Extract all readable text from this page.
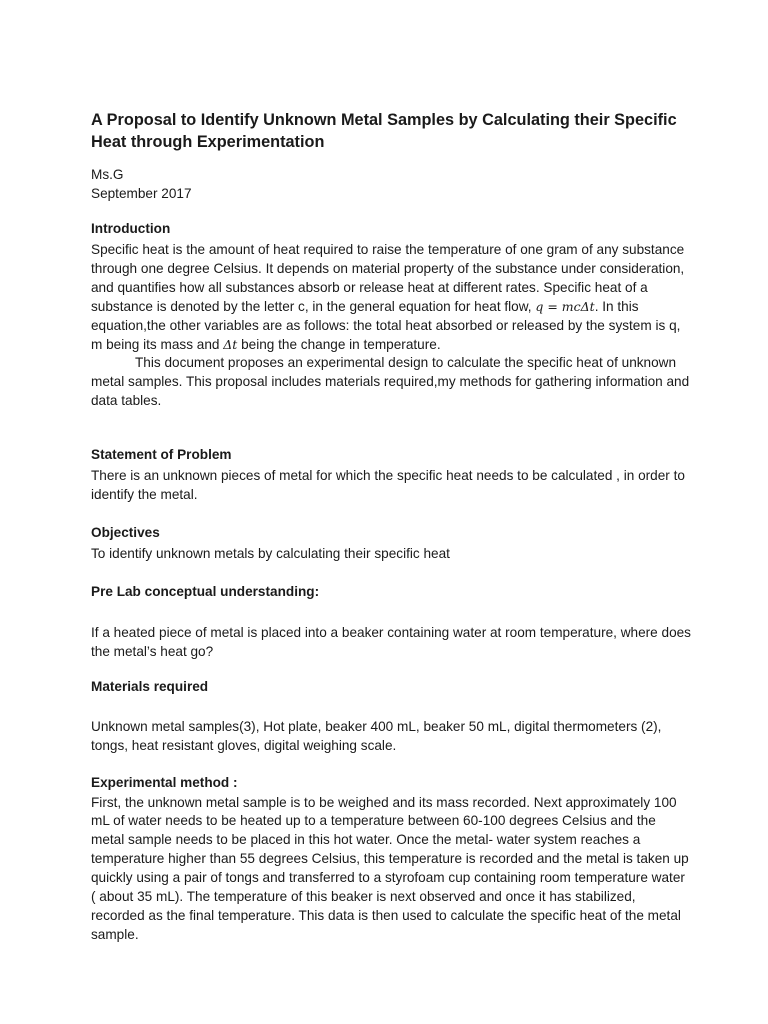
A Proposal to Identify Unknown Metal Samples by Calculating their Specific Heat through Experimentation
Ms.G
September 2017
Introduction

Specific heat is the amount of heat required to raise the temperature of one gram of any substance through one degree Celsius. It depends on material property of the substance under consideration, and quantifies how all substances absorb or release heat at different rates. Specific heat of a substance is denoted by the letter c, in the general equation for heat flow, q = mcΔt. In this equation,the other variables are as follows: the total heat absorbed or released by the system is q, m being its mass and Δt being the change in temperature.

This document proposes an experimental design to calculate the specific heat of unknown metal samples. This proposal includes materials required,my methods for gathering information and data tables.

Statement of Problem

There is an unknown pieces of metal for which the specific heat needs to be calculated , in order to identify the metal.

Objectives

To identify unknown metals by calculating their specific heat

Pre Lab conceptual understanding:

If a heated piece of metal is placed into a beaker containing water at room temperature, where does the metal’s heat go?

Materials required

Unknown metal samples(3), Hot plate, beaker 400 mL, beaker 50 mL, digital thermometers (2), tongs, heat resistant gloves, digital weighing scale.

Experimental method :

First, the unknown metal sample is to be weighed and its mass recorded. Next approximately 100 mL of water needs to be heated up to a temperature between 60-100 degrees Celsius and the metal sample needs to be placed in this hot water. Once the metal- water system reaches a temperature higher than 55 degrees Celsius, this temperature is recorded and the metal is taken up quickly using a pair of tongs and transferred to a styrofoam cup containing room temperature water ( about 35 mL). The temperature of this beaker is next observed and once it has stabilized, recorded as the final temperature. This data is then used to calculate the specific heat of the metal sample.
